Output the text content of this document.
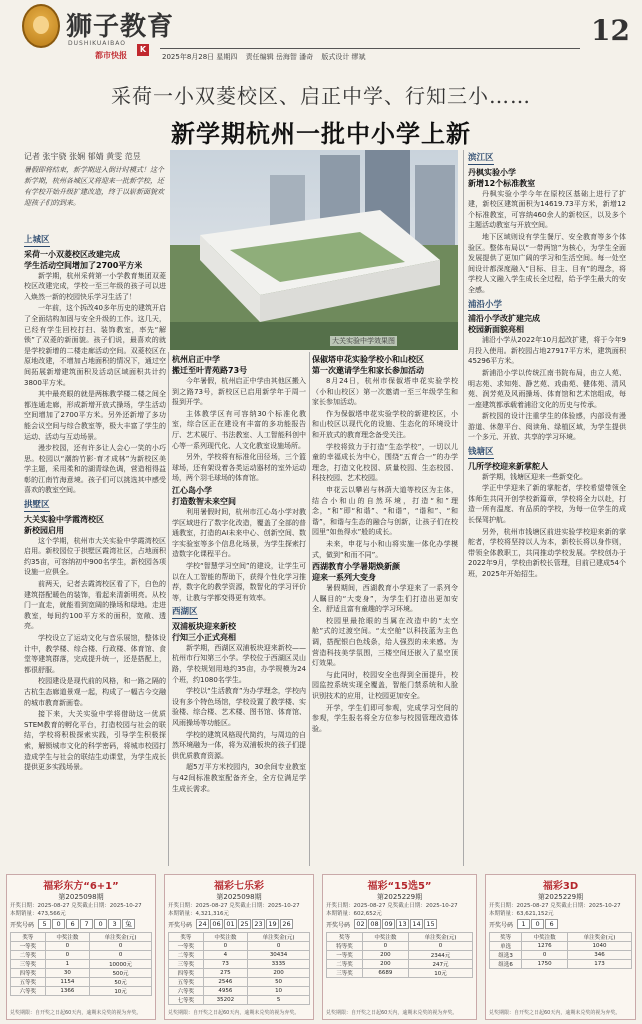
狮子教育
DUSHIKUAIBAO
都市快报
K
2025年8月28日 星期四 责任编辑 岳海智 潘奇 版式设计 缪斌
12
采荷一小双菱校区、启正中学、行知三小……
新学期杭州一批中小学上新
记者 张宇骁 张娴 郁婧 黄雯 范昱
暑假即将结束，新学期进入倒计时模式！这个新学期，杭州各城区又将迎来一批新学校，还有学校开始升级扩建改造，终于以崭新面貌欢迎孩子们的到来。
大关实验中学效果图
上城区
采荷一小双菱校区改建完成
学生活动空间增加了2700平方米

新学期，杭州采荷第一小学教育集团双菱校区改建完成，学校一至三年级的孩子可以进入焕然一新的校园快乐学习生活了！

一年前，这个拆改40多年历史的建筑开启了全面结构加固与安全升级的工作。这几天，已经有学生回校打扫、装饰教室，率先“解锁”了双菱的新面貌。孩子们说，最喜欢的就是学校新增的二楼走廊活动空间。双菱校区在原地改建，不增加占地面积的情况下，通过空间拓展新增建筑面积及活动区域面积共计约3800平方米。

其中最亮眼的就是两栋教学楼二楼之间全都连通走廊，形成新增开放式操场，学生活动空间增加了2700平方米。另外还新增了多功能会议空间与综合教室等，极大丰富了学生的运动、活动与互动场景。

漫步校园，还有许多让人会心一笑的小巧思。校园以“潮韵竹影·育才成林”为新校区美学主题，采用柔和的湖青绿色调，营造相得益彰的江南竹海意境。孩子们可以挑选其中感受喜欢的教室空间。

拱墅区
大关实验中学霞湾校区
新校园启用

这个学期，杭州市大关实验中学霞湾校区启用。新校园位于拱墅区霞湾社区，占地面积约35亩，可容纳初中900名学生，新校园各项设施一应俱全。

前两天，记者去霞湾校区看了下，白色的建筑搭配暖色的装饰，看起来清新明亮。从校门一直走，就能看到宽阔的操场和绿地。走进教室，每间约100平方米的面积，宽敞、透亮。

学校设立了运动文化与音乐展馆，整体设计中，教学楼、综合楼、行政楼、体育馆、食堂等建筑群落，完成提升统一，还是搭配上，都很舒服。

校园建设是现代前的风格，和一路之隔的古杭生态廊道景观一起，构成了一幅古今交融的城市教育新画卷。

接下来，大关实验中学将借助这一优质STEM教育的孵化平台，打造校园与社会的联结，学校将积极探索实践，引导学生积极探索，解锁城市文化的科学密码，将城市校园打造成学生与社会的联结生动课堂，为学生成长提供更多实践场景。

杭州启正中学
搬迁至叶青苑路73号

今年暑假，杭州启正中学由其他区搬入到之路73号，新校区已启用新学年于周一报到开学。

主体教学区有可容纳30个标准化教室，综合区正在建设有丰富的多功能报告厅、艺术展厅、书法教室、人工智能科创中心等一系列现代化、人文化教室设施场所。

另外，学校将有标准化田径场，三个篮球场，还有架设着各类运动器材的室外运动场，两个羽毛球场的体育馆。

江心岛小学
打造数智未来空间

利用暑假时间，杭州市江心岛小学对教学区域进行了数字化改造，覆盖了全部的普通教室，打造的AI未来中心、创新空间、数字实验室等多个信息化场景，为学生探索打造数字化课程平台。

学校“智慧学习空间”的建设，让学生可以在人工智能的帮助下，获得个性化学习推荐，数字化的教学资源，数智化的学习评价等，让教与学都变得更有效率。

西湖区
双浦板块迎来新校
行知三小正式亮相

新学期，西湖区双浦板块迎来新校——杭州市行知第三小学。学校位于西湖区灵山路，学校规划用地约35亩，办学规模为24个班，约1080名学生。

学校以“生活教育”为办学理念，学校内设有多个特色场馆，学校设置了教学楼、实验楼、综合楼、艺术楼、图书馆、体育馆、风雨操场等功能区。

学校的建筑风格现代简约，与周边的自然环境融为一体，将为双浦板块的孩子们提供优质教育资源。

超5万平方米校园内，30余间专业教室与42间标准教室配备齐全，全方位满足学生成长需求。

保俶塔申花实验学校小和山校区
第一次邀请学生和家长参加活动

8月24日，杭州市保俶塔申花实验学校（小和山校区）第一次邀请一至三年级学生和家长参加活动。

作为保俶塔申花实验学校的新建校区，小和山校区以现代化的设施、生态化的环境设计和开放式的教育理念备受关注。

学校将致力于打造“生态学校”，一切以儿童的幸福成长为中心，围绕“五育合一”的办学理念，打造文化校园、质量校园、生态校园、科技校园、艺术校园。

申花云以攀岩与林荫大道等校区为主体，结合小和山的自然环境，打造“和”理念，“和”即“和谐”、“和谐”，“谐和”、“和谐”，和谐与生态的融合与创新，让孩子们在校园里“如鱼得水”般的成长。

未来，申花与小和山将实施一体化办学模式，做到“和而不同”。

西湖教育小学暑期焕新颜
迎来一系列大变身

暑假期间，西湖教育小学迎来了一系列令人瞩目的“大变身”，为学生们打造出更加安全、舒适且富有童趣的学习环境。

校园里最抢眼的当属在改造中的“太空舱”式的过渡空间。“太空舱”以科技蓝为主色调，搭配银白色线条，给人强烈的未来感。为营造科技美学氛围，三楼空间还嵌入了星空顶灯效果。

与此同时，校园安全也得到全面提升，校园监控系统实现全覆盖，智能门禁系统和人脸识别技术的应用，让校园更加安全。

开学，学生们即可参观，完成学习空间的参观，学生报名将全方位参与校园管理改造体验。

滨江区
丹枫实验小学
新增12个标准教室

丹枫实验小学今年在原校区基础上进行了扩建，新校区建筑面积为14619.73平方米，新增12个标准教室，可容纳460余人的新校区，以及多个主题活动教室与开放空间。

地下区域则设有学生餐厅、安全教育等多个体验区。整体布局以“一带两馆”为核心，为学生全面发展提供了更加广阔的学习和生活空间。每一处空间设计都深度融入“目标、目主、目有”的理念，将学校人文融入学生成长全过程，给予学生最大的安全感。

浦沿小学
浦沿小学改扩建完成
校园新面貌亮相

浦沿小学从2022年10月起改扩建，将于今年9月投入使用。新校园占地27917平方米，建筑面积45296平方米。

新浦沿小学以传统江南书院布局，由立人苑、明志苑、求知苑、静艺苑、戏曲苑、健体苑、清风苑、润芳苑及风雨操场、体育馆和艺术馆组成，每一座建筑都承载着浦沿文化的历史与传承。

新校园的设计注重学生的体验感，内部设有漫游道、休憩平台、阅读角、绿植区域，为学生提供一个多元、开放、共享的学习环境。

钱塘区
几所学校迎来新掌舵人

新学期，钱塘区迎来一些新变化。

学正中学迎来了新的掌舵者，学校希望带领全体师生共同开创学校新篇章，学校将全力以赴，打造一所有温度、有品质的学校，为每一位学生的成长保驾护航。

另外，杭州市钱塘区前进实验学校迎来新的掌舵者，学校将坚持以人为本，新校长将以身作则，带领全体教职工，共同推动学校发展。学校创办于2022年9月，学校由新校长管理，目前已建成54个班，2025年开始招生。

福彩东方“6+1”
第2025098期
开奖日期：2025-08-27 兑奖截止日期：2025-10-27
本期销量：473,566元
开奖号码	5	0	6	7	0	3	兔
奖等	中奖注数	单注奖金(元)
一等奖	0	0
二等奖	0	0
三等奖	1	10000元
四等奖	30	500元
五等奖	1154	50元
六等奖	1366	10元
兑奖期限：自开奖之日起60天内，逾期未兑奖的视为弃奖。
福彩七乐彩
第2025098期
开奖日期：2025-08-27 兑奖截止日期：2025-10-27
本期销量：4,321,316元
开奖号码 24 06 01 25 23 19 26
奖等	中奖注数	单注奖金(元)
一等奖	0	0
二等奖	4	30434
三等奖	73	3335
四等奖	275	200
五等奖	2546	50
六等奖	4956	10
七等奖	35202	5
兑奖期限：自开奖之日起60天内，逾期未兑奖的视为弃奖。
福彩“15选5”
第2025229期
开奖日期：2025-08-27 兑奖截止日期：2025-10-27
本期销量：602,652元
开奖号码 02 08 09 13 14 15
奖等	中奖注数	单注奖金(元)
特等奖	0	0
一等奖	200	2344元
二等奖	200	247元
三等奖	6689	10元
兑奖期限：自开奖之日起60天内，逾期未兑奖的视为弃奖。
福彩3D
第2025229期
开奖日期：2025-08-27 兑奖截止日期：2025-10-27
本期销量：63,621,152元
开奖号码	1	0	6
奖等	中奖注数	单注奖金(元)
单选	1276	1040
组选3	0	346
组选6	1750	173
兑奖期限：自开奖之日起60天内，逾期未兑奖的视为弃奖。
